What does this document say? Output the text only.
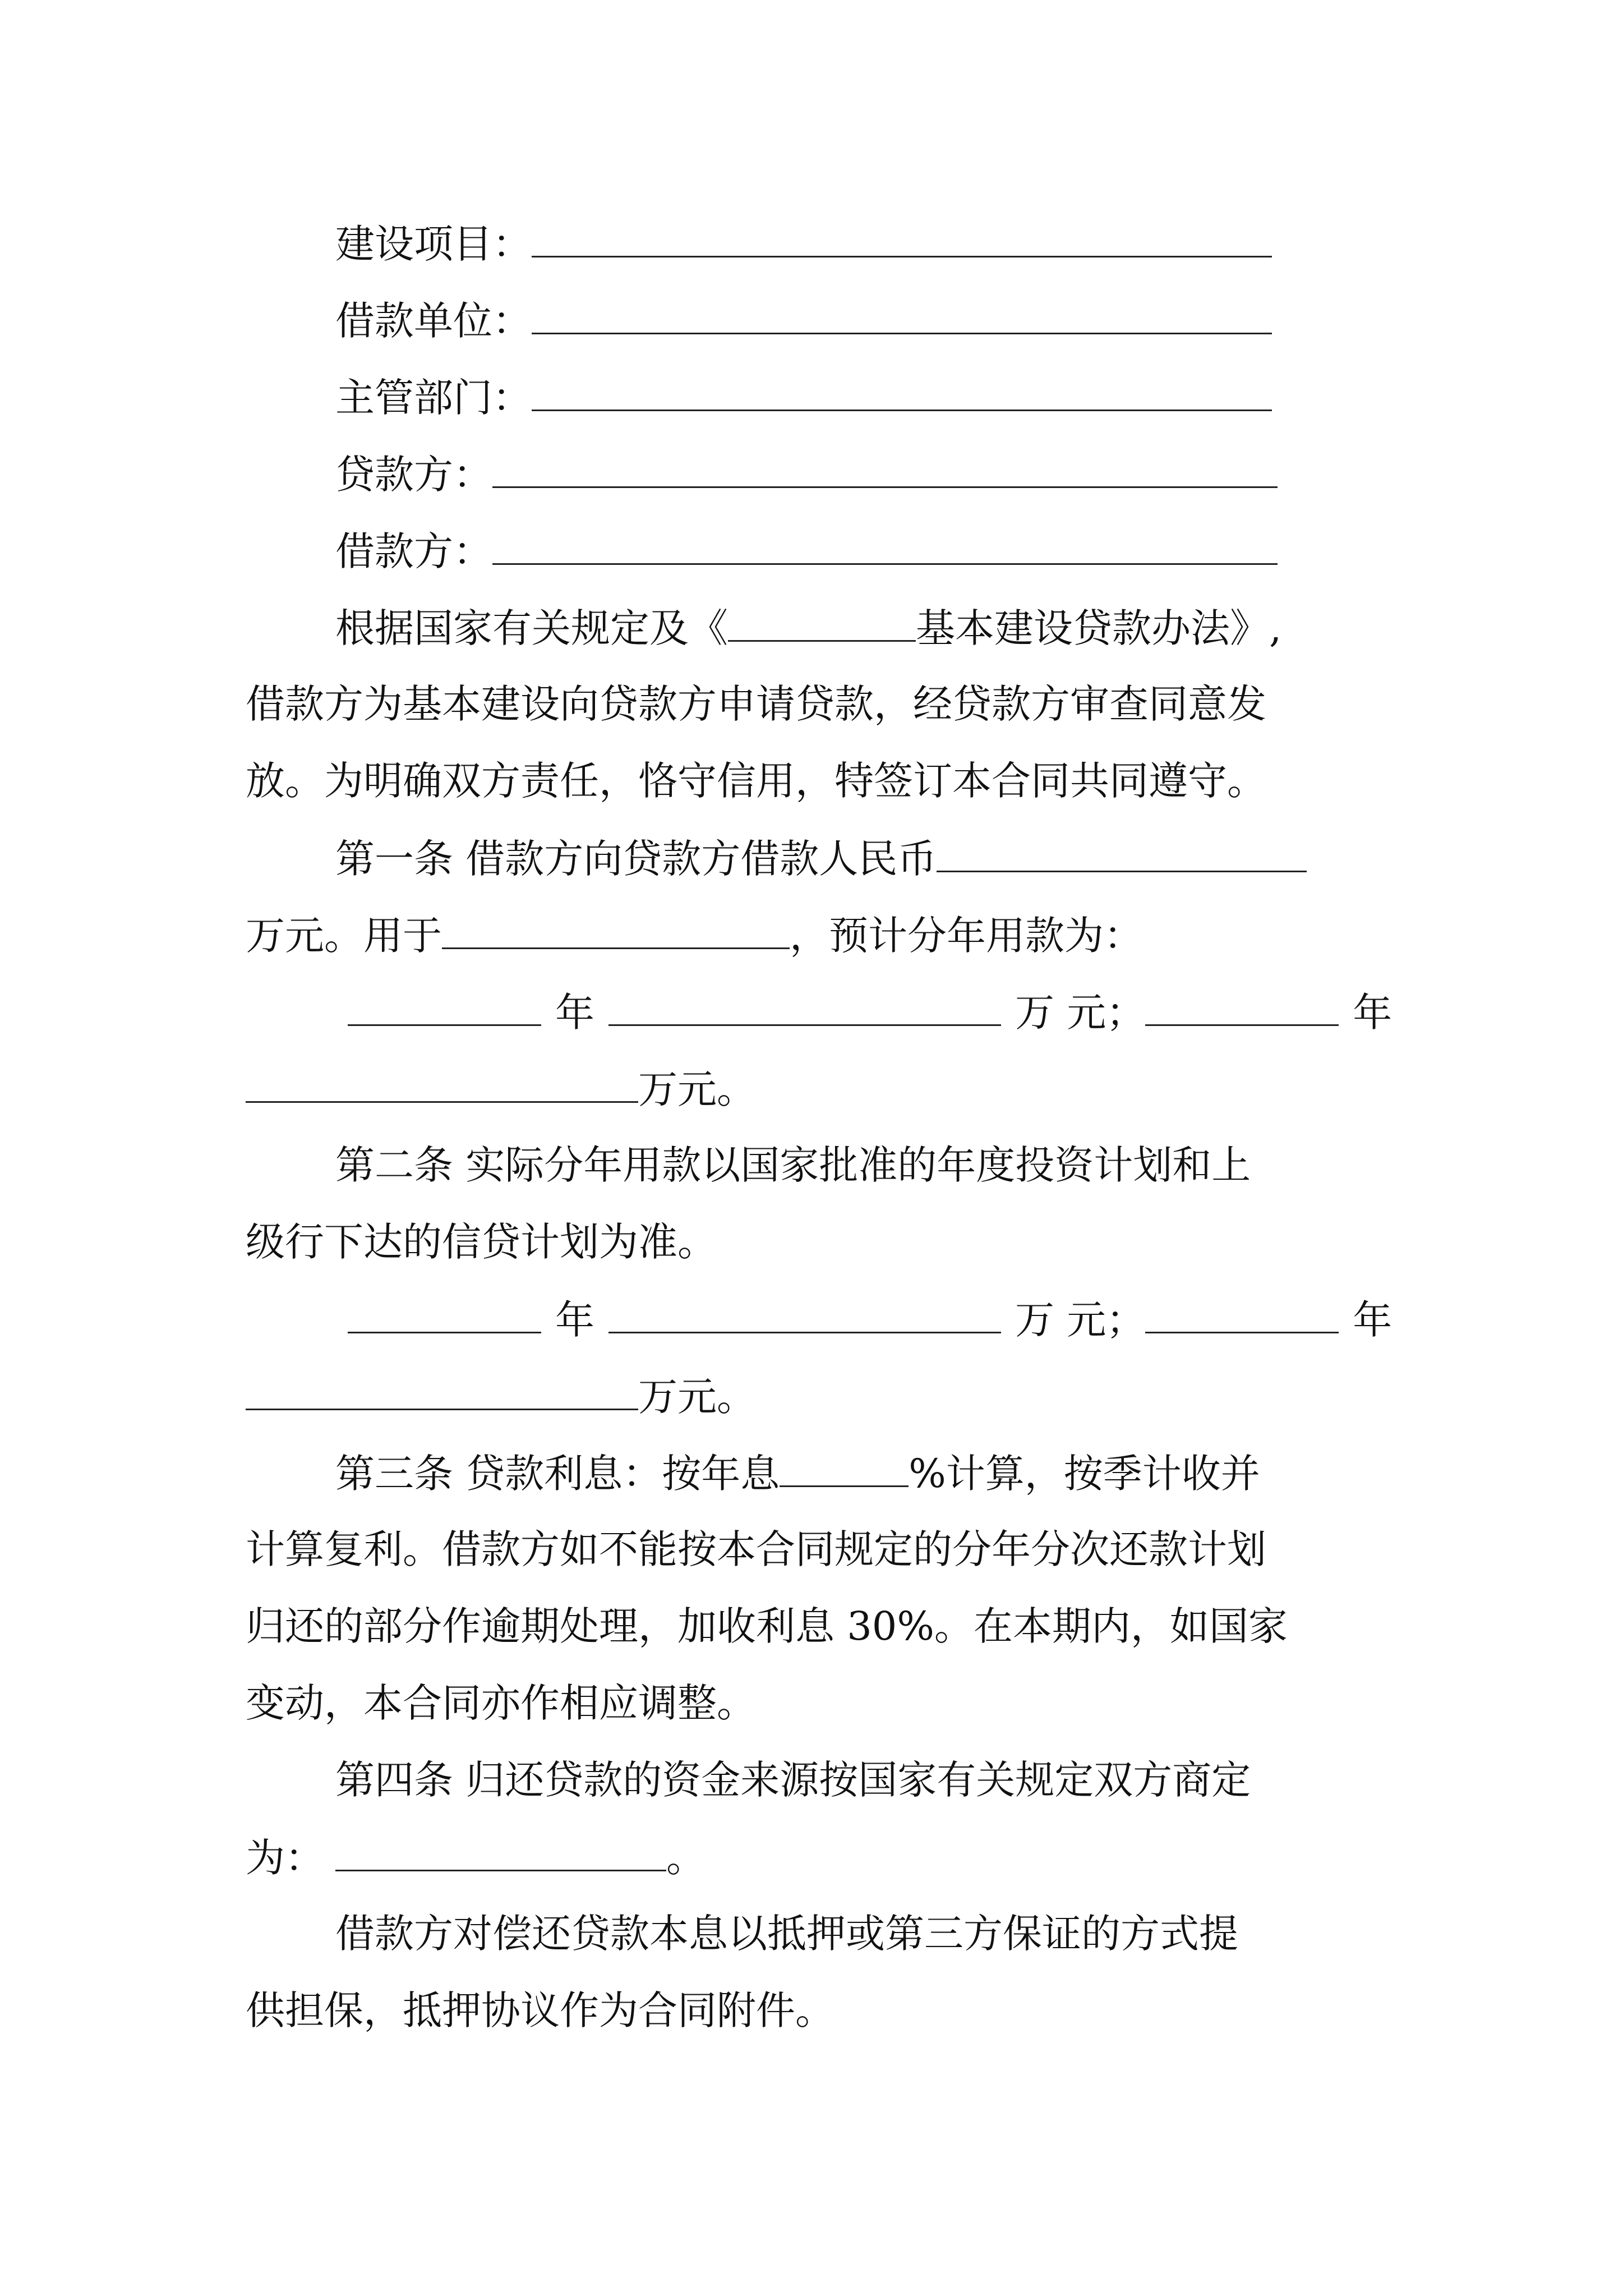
建设项目：
借款单位：
主管部门：
贷款方：
借款方：
根据国家有关规定及《	基本建设贷款办法》,
借款方为基本建设向贷款方申请贷款，经贷款方审查同意发
放。为明确双方责任，恪守信用，特签订本合同共同遵守。
第一条 借款方向贷款方借款人民币
万元。用于	，预计分年用款为：
年	万 元；	年
万元。
第二条 实际分年用款以国家批准的年度投资计划和上
级行下达的信贷计划为准。
年	万 元；	年
万元。
第三条 贷款利息：按年息	%计算，按季计收并
计算复利。借款方如不能按本合同规定的分年分次还款计划
归还的部分作逾期处理，加收利息 30%。在本期内，如国家
变动，本合同亦作相应调整。
第四条 归还贷款的资金来源按国家有关规定双方商定
为：	。
借款方对偿还贷款本息以抵押或第三方保证的方式提
供担保，抵押协议作为合同附件。
